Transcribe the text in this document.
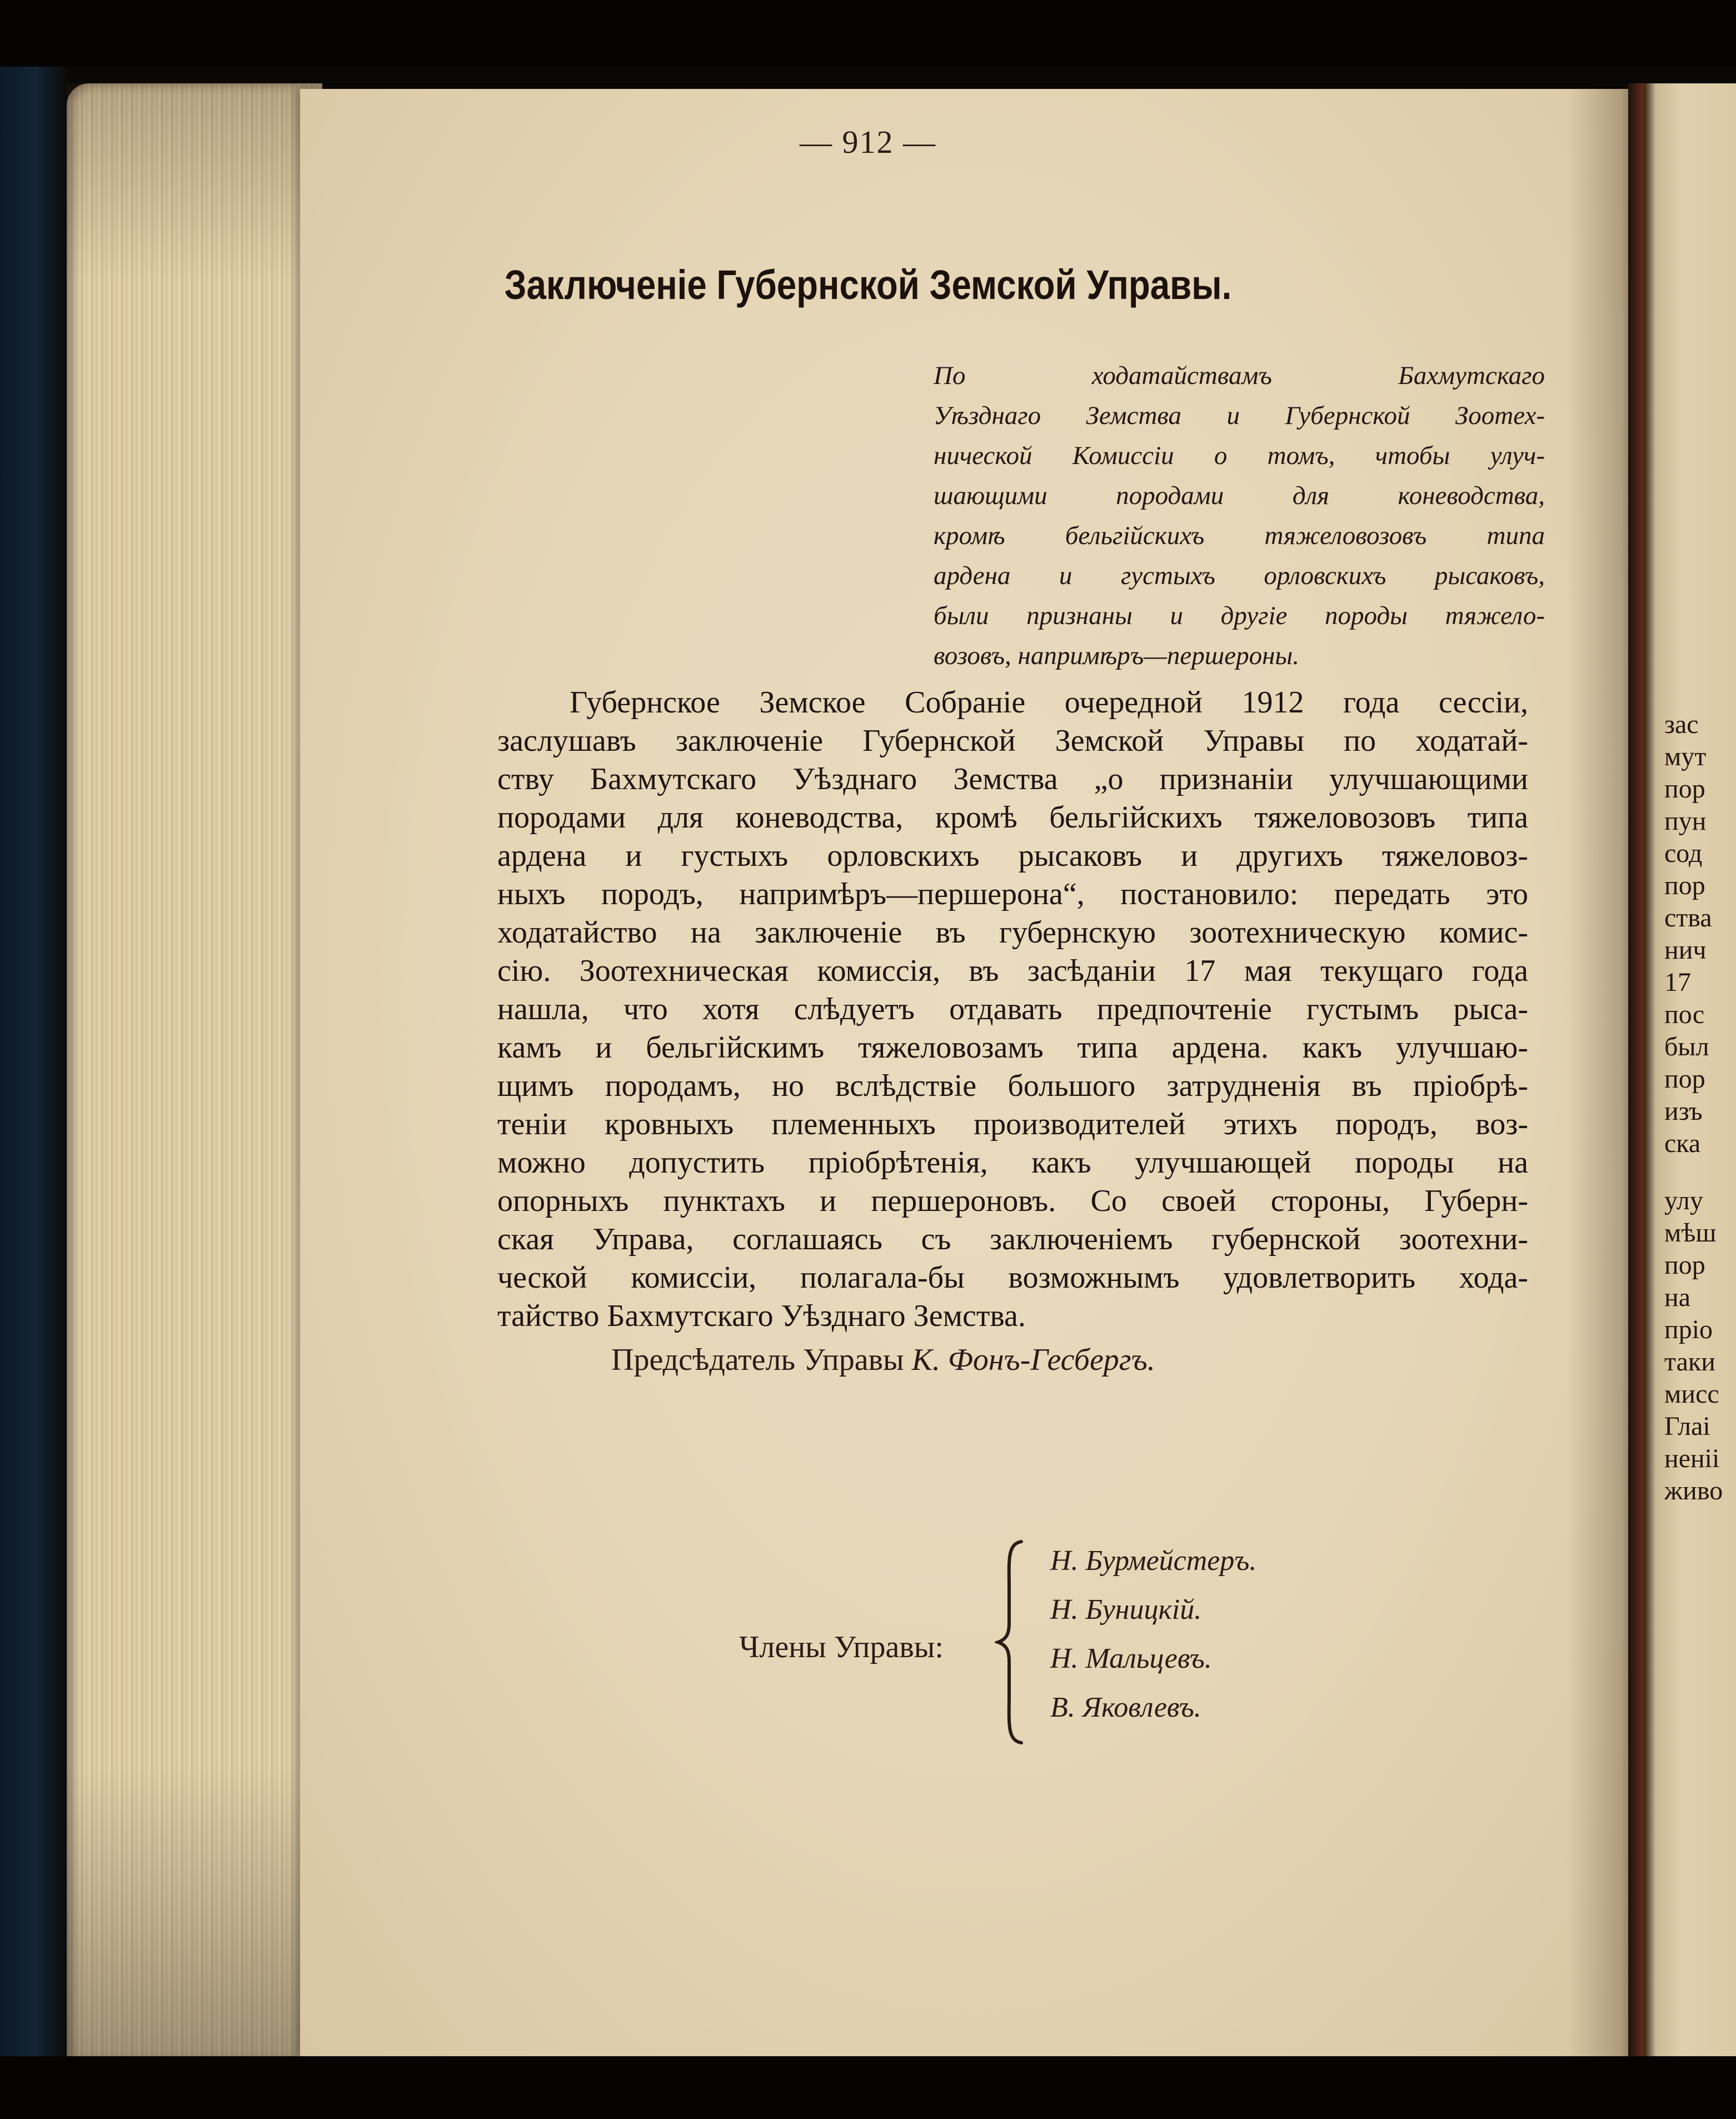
— 912 —
Заключеніе Губернской Земской Управы.
По ходатайствамъ Бахмутскаго
Уѣзднаго Земства и Губернской Зоотех-
нической Комиссіи о томъ, чтобы улуч-
шающими породами для коневодства,
кромѣ бельгійскихъ тяжеловозовъ типа
ардена и густыхъ орловскихъ рысаковъ,
были признаны и другіе породы тяжело-
возовъ, напримѣръ—першероны.
Губернское Земское Собраніе очередной 1912 года сессіи,
заслушавъ заключеніе Губернской Земской Управы по ходатай-
ству Бахмутскаго Уѣзднаго Земства „о признаніи улучшающими
породами для коневодства, кромѣ бельгійскихъ тяжеловозовъ типа
ардена и густыхъ орловскихъ рысаковъ и другихъ тяжеловоз-
ныхъ породъ, напримѣръ—першерона“, постановило: передать это
ходатайство на заключеніе въ губернскую зоотехническую комис-
сію. Зоотехническая комиссія, въ засѣданіи 17 мая текущаго года
нашла, что хотя слѣдуетъ отдавать предпочтеніе густымъ рыса-
камъ и бельгійскимъ тяжеловозамъ типа ардена. какъ улучшаю-
щимъ породамъ, но вслѣдствіе большого затрудненія въ пріобрѣ-
теніи кровныхъ племенныхъ производителей этихъ породъ, воз-
можно допустить пріобрѣтенія, какъ улучшающей породы на
опорныхъ пунктахъ и першероновъ. Со своей стороны, Губерн-
ская Управа, соглашаясь съ заключеніемъ губернской зоотехни-
ческой комиссіи, полагала-бы возможнымъ удовлетворить хода-
тайство Бахмутскаго Уѣзднаго Земства.
Предсѣдатель Управы К. Фонъ-Гесбергъ.
Члены Управы:
Н. Бурмейстеръ.
Н. Буницкій.
Н. Мальцевъ.
В. Яковлевъ.
зас
мут
пор
пун
сод
пор
ства
нич
17
пос
был
пор
изъ
ска
улу
мѣш
пор
на
пріо
таки
мисс
Глаі
неніі
живо
